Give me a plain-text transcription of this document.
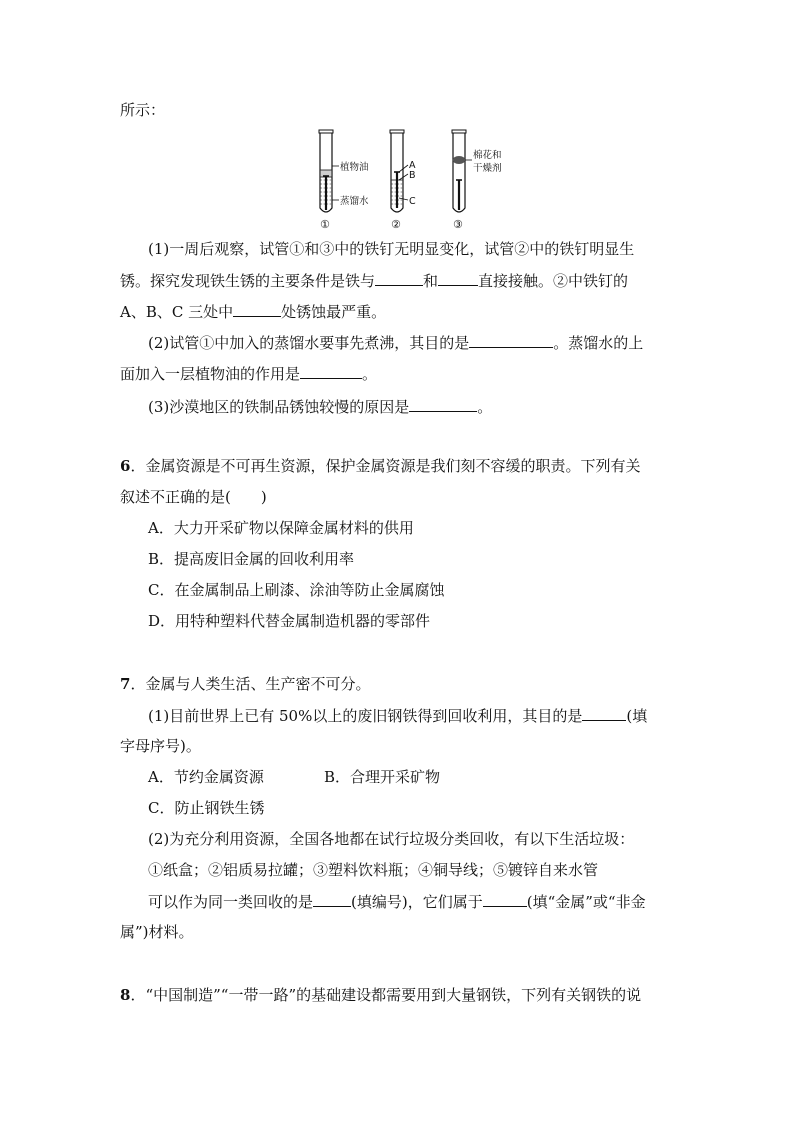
所示：
植物油
蒸馏水
①
A
B
C
②
棉花和
干燥剂
③
(1)一周后观察，试管①和③中的铁钉无明显变化，试管②中的铁钉明显生
锈。探究发现铁生锈的主要条件是铁与	和	直接接触。②中铁钉的
A、B、C 三处中	处锈蚀最严重。
(2)试管①中加入的蒸馏水要事先煮沸，其目的是	。蒸馏水的上
面加入一层植物油的作用是	。
(3)沙漠地区的铁制品锈蚀较慢的原因是	。
6．金属资源是不可再生资源，保护金属资源是我们刻不容缓的职责。下列有关
叙述不正确的是(　　)
A．大力开采矿物以保障金属材料的供用
B．提高废旧金属的回收利用率
C．在金属制品上刷漆、涂油等防止金属腐蚀
D．用特种塑料代替金属制造机器的零部件
7．金属与人类生活、生产密不可分。
(1)目前世界上已有 50%以上的废旧钢铁得到回收利用，其目的是	(填
字母序号)。
A．节约金属资源	B．合理开采矿物
C．防止钢铁生锈
(2)为充分利用资源，全国各地都在试行垃圾分类回收，有以下生活垃圾：
①纸盒；②铝质易拉罐；③塑料饮料瓶；④铜导线；⑤镀锌自来水管
可以作为同一类回收的是	(填编号)，它们属于	(填“金属”或“非金
属”)材料。
8．“中国制造”“一带一路”的基础建设都需要用到大量钢铁，下列有关钢铁的说
